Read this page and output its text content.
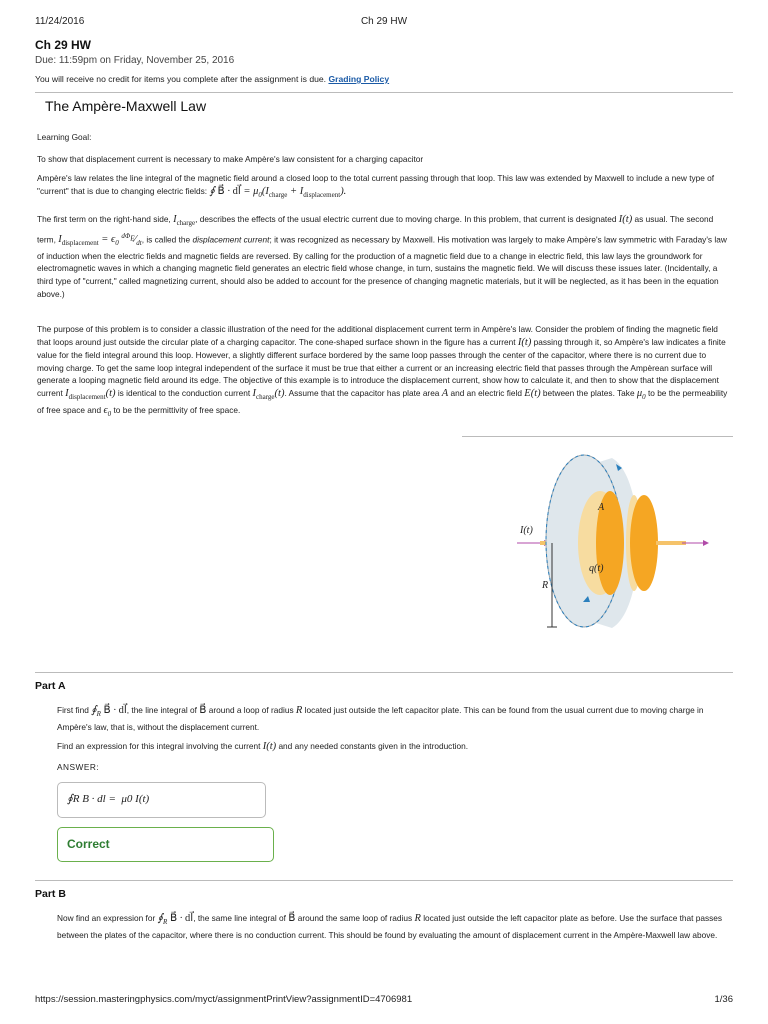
11/24/2016	Ch 29 HW
Ch 29 HW
Due: 11:59pm on Friday, November 25, 2016
You will receive no credit for items you complete after the assignment is due. Grading Policy
The Ampère-Maxwell Law
Learning Goal:
To show that displacement current is necessary to make Ampère's law consistent for a charging capacitor
Ampère's law relates the line integral of the magnetic field around a closed loop to the total current passing through that loop. This law was extended by Maxwell to include a new type of "current" that is due to changing electric fields: ∮ B⃗ · dl⃗ = $\mu_0(I_{charge} + I_{displacement})$.
The first term on the right-hand side, $I_{charge}$, describes the effects of the usual electric current due to moving charge. In this problem, that current is designated I(t) as usual. The second term, $I_{displacement} = \epsilon_0$ $^{d\Phi_E}⁄_{dt}$, is called the displacement current; it was recognized as necessary by Maxwell. His motivation was largely to make Ampère's law symmetric with Faraday's law of induction when the electric fields and magnetic fields are reversed. By calling for the production of a magnetic field due to a change in electric field, this law lays the groundwork for electromagnetic waves in which a changing magnetic field generates an electric field whose change, in turn, sustains the magnetic field. We will discuss these issues later. (Incidentally, a third type of "current," called magnetizing current, should also be added to account for the presence of changing magnetic materials, but it will be neglected, as it has been in the equation above.)
The purpose of this problem is to consider a classic illustration of the need for the additional displacement current term in Ampère's law. Consider the problem of finding the magnetic field that loops around just outside the circular plate of a charging capacitor. The cone-shaped surface shown in the figure has a current I(t) passing through it, so Ampère's law indicates a finite value for the field integral around this loop. However, a slightly different surface bordered by the same loop passes through the center of the capacitor, where there is no current due to moving charge. To get the same loop integral independent of the surface it must be true that either a current or an increasing electric field that passes through the Ampèrean surface will generate a looping magnetic field around its edge. The objective of this example is to introduce the displacement current, show how to calculate it, and then to show that the displacement current $I_{displacement}(t)$ is identical to the conduction current $I_{charge}(t)$. Assume that the capacitor has plate area A and an electric field E(t) between the plates. Take $\mu_0$ to be the permeability of free space and $\epsilon_0$ to be the permittivity of free space.
I(t)
A
q(t)
R
Part A
First find $∮_R$ B⃗ · dl⃗, the line integral of B⃗ around a loop of radius R located just outside the left capacitor plate. This can be found from the usual current due to moving charge in Ampère's law, that is, without the displacement current.
Find an expression for this integral involving the current I(t) and any needed constants given in the introduction.
ANSWER:
∮R B · dl = μ0 I(t)
Correct
Part B
Now find an expression for $∮_R$ B⃗ · dl⃗, the same line integral of B⃗ around the same loop of radius R located just outside the left capacitor plate as before. Use the surface that passes between the plates of the capacitor, where there is no conduction current. This should be found by evaluating the amount of displacement current in the Ampère-Maxwell law above.
https://session.masteringphysics.com/myct/assignmentPrintView?assignmentID=4706981	1/36
